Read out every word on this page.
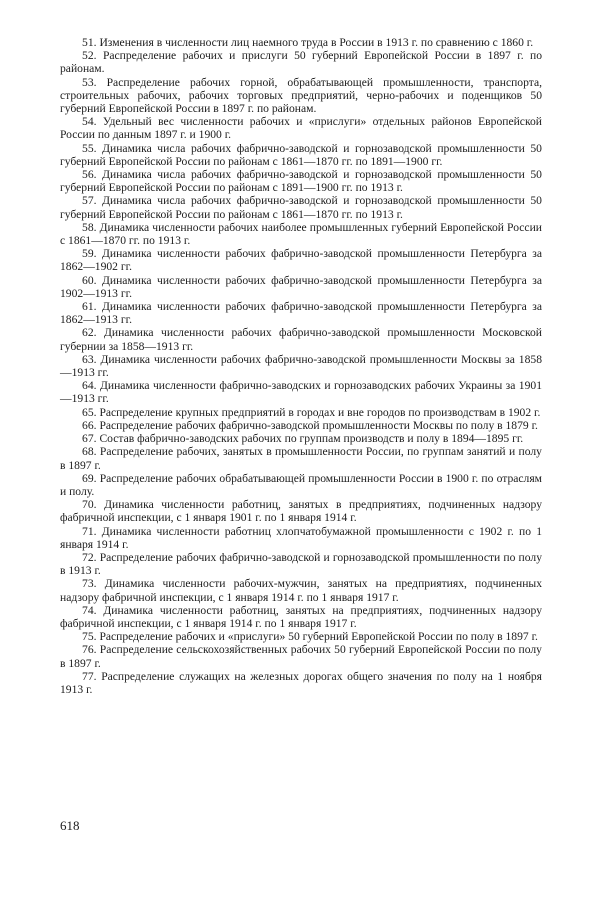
51. Изменения в численности лиц наемного труда в России в 1913 г. по сравнению с 1860 г.

52. Распределение рабочих и прислуги 50 губерний Европейской России в 1897 г. по районам.

53. Распределение рабочих горной, обрабатывающей промышленности, транспорта, строительных рабочих, рабочих торговых предприятий, черно-рабочих и поденщиков 50 губерний Европейской России в 1897 г. по районам.

54. Удельный вес численности рабочих и «прислуги» отдельных районов Европейской России по данным 1897 г. и 1900 г.

55. Динамика числа рабочих фабрично-заводской и горнозаводской промышленности 50 губерний Европейской России по районам с 1861—1870 гг. по 1891—1900 гг.

56. Динамика числа рабочих фабрично-заводской и горнозаводской промышленности 50 губерний Европейской России по районам с 1891—1900 гг. по 1913 г.

57. Динамика числа рабочих фабрично-заводской и горнозаводской промышленности 50 губерний Европейской России по районам с 1861—1870 гг. по 1913 г.

58. Динамика численности рабочих наиболее промышленных губерний Европейской России с 1861—1870 гг. по 1913 г.

59. Динамика численности рабочих фабрично-заводской промышленности Петербурга за 1862—1902 гг.

60. Динамика численности рабочих фабрично-заводской промышленности Петербурга за 1902—1913 гг.

61. Динамика численности рабочих фабрично-заводской промышленности Петербурга за 1862—1913 гг.

62. Динамика численности рабочих фабрично-заводской промышленности Московской губернии за 1858—1913 гг.

63. Динамика численности рабочих фабрично-заводской промышленности Москвы за 1858—1913 гг.

64. Динамика численности фабрично-заводских и горнозаводских рабочих Украины за 1901—1913 гг.

65. Распределение крупных предприятий в городах и вне городов по производствам в 1902 г.

66. Распределение рабочих фабрично-заводской промышленности Москвы по полу в 1879 г.

67. Состав фабрично-заводских рабочих по группам производств и полу в 1894—1895 гг.

68. Распределение рабочих, занятых в промышленности России, по группам занятий и полу в 1897 г.

69. Распределение рабочих обрабатывающей промышленности России в 1900 г. по отраслям и полу.

70. Динамика численности работниц, занятых в предприятиях, подчиненных надзору фабричной инспекции, с 1 января 1901 г. по 1 января 1914 г.

71. Динамика численности работниц хлопчатобумажной промышленности с 1902 г. по 1 января 1914 г.

72. Распределение рабочих фабрично-заводской и горнозаводской промышленности по полу в 1913 г.

73. Динамика численности рабочих-мужчин, занятых на предприятиях, подчиненных надзору фабричной инспекции, с 1 января 1914 г. по 1 января 1917 г.

74. Динамика численности работниц, занятых на предприятиях, подчиненных надзору фабричной инспекции, с 1 января 1914 г. по 1 января 1917 г.

75. Распределение рабочих и «прислуги» 50 губерний Европейской России по полу в 1897 г.

76. Распределение сельскохозяйственных рабочих 50 губерний Европейской России по полу в 1897 г.

77. Распределение служащих на железных дорогах общего значения по полу на 1 ноября 1913 г.

618
